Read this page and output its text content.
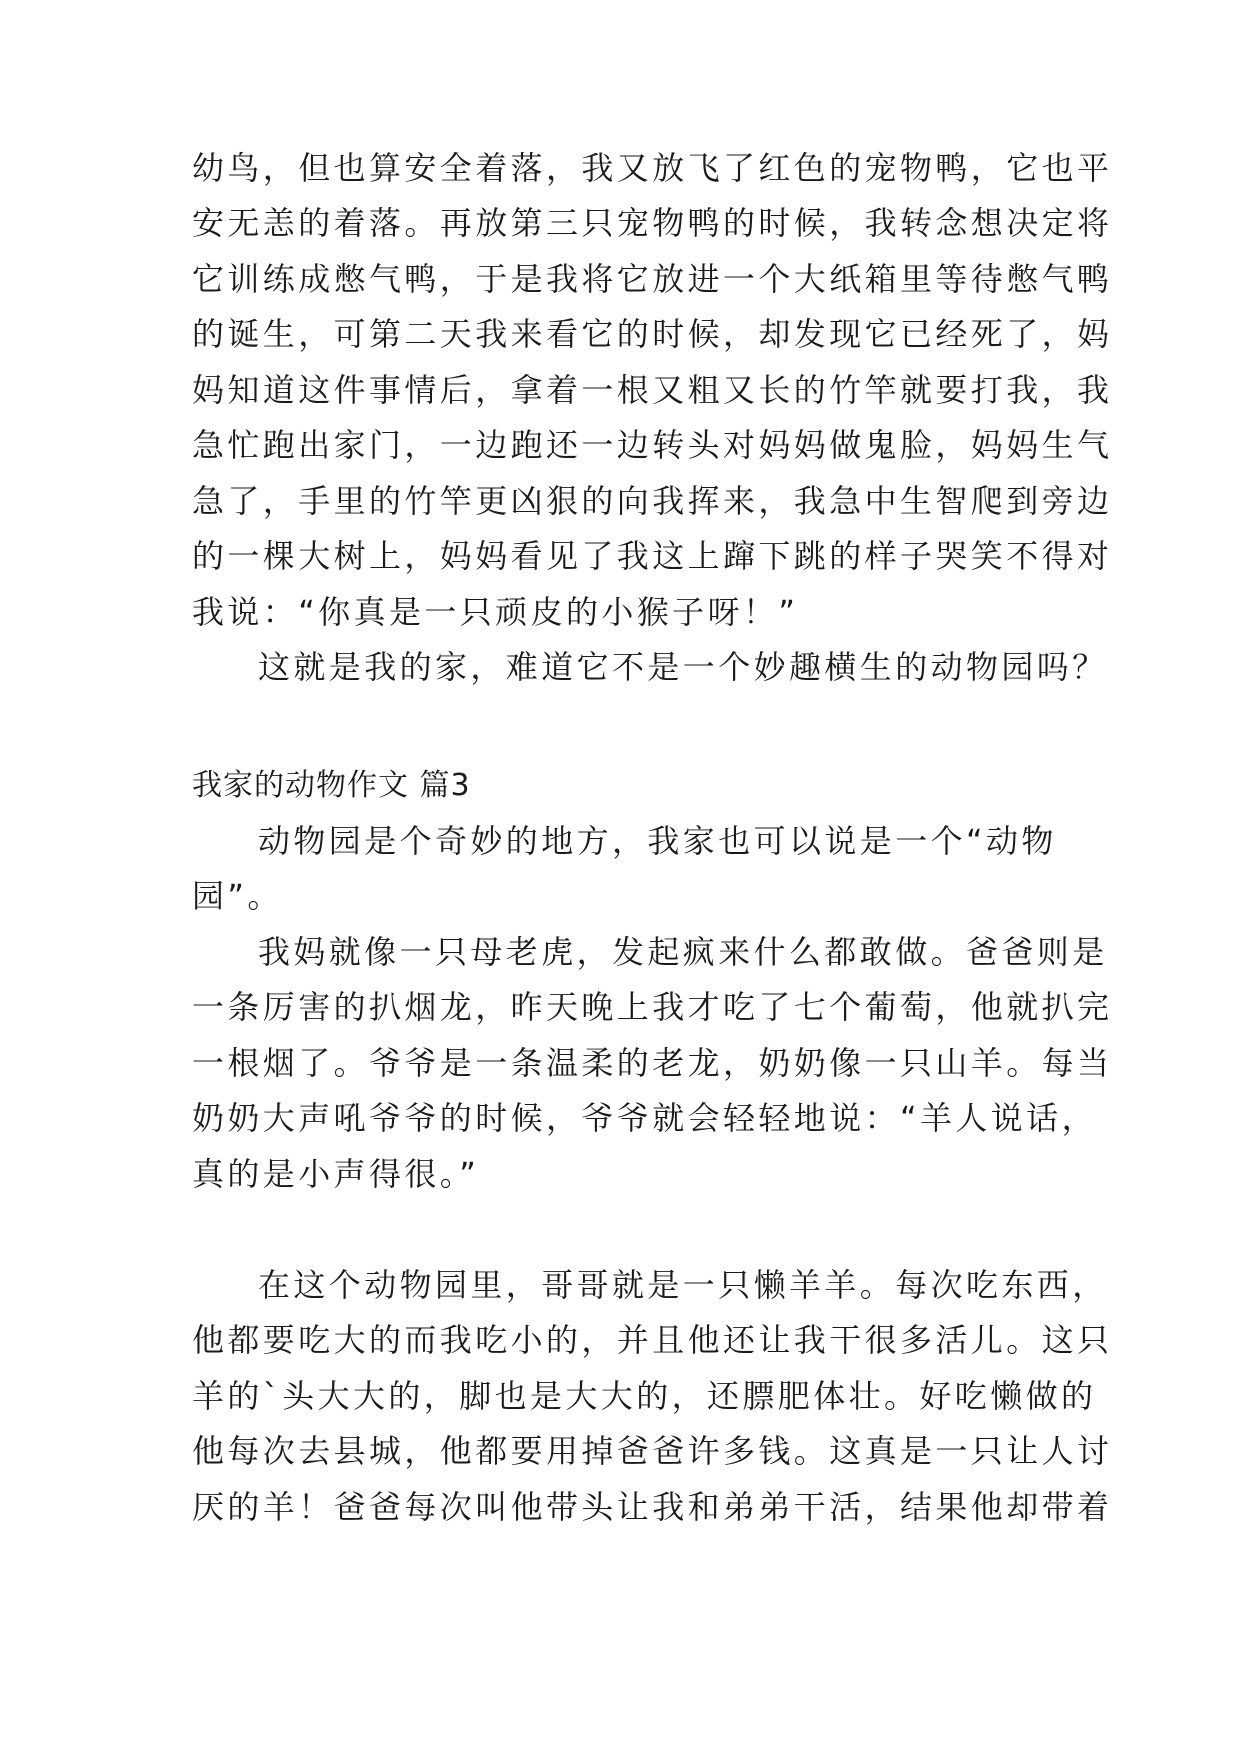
幼鸟，但也算安全着落，我又放飞了红色的宠物鸭，它也平
安无恙的着落。再放第三只宠物鸭的时候，我转念想决定将
它训练成憋气鸭，于是我将它放进一个大纸箱里等待憋气鸭
的诞生，可第二天我来看它的时候，却发现它已经死了，妈
妈知道这件事情后，拿着一根又粗又长的竹竿就要打我，我
急忙跑出家门，一边跑还一边转头对妈妈做鬼脸，妈妈生气
急了，手里的竹竿更凶狠的向我挥来，我急中生智爬到旁边
的一棵大树上，妈妈看见了我这上蹿下跳的样子哭笑不得对
我说：“你真是一只顽皮的小猴子呀！”
这就是我的家，难道它不是一个妙趣横生的动物园吗？
我家的动物作文 篇3
动物园是个奇妙的地方，我家也可以说是一个“动物
园”。
我妈就像一只母老虎，发起疯来什么都敢做。爸爸则是
一条厉害的扒烟龙，昨天晚上我才吃了七个葡萄，他就扒完
一根烟了。爷爷是一条温柔的老龙，奶奶像一只山羊。每当
奶奶大声吼爷爷的时候，爷爷就会轻轻地说：“羊人说话，
真的是小声得很。”
在这个动物园里，哥哥就是一只懒羊羊。每次吃东西，
他都要吃大的而我吃小的，并且他还让我干很多活儿。这只
羊的`头大大的，脚也是大大的，还膘肥体壮。好吃懒做的
他每次去县城，他都要用掉爸爸许多钱。这真是一只让人讨
厌的羊！爸爸每次叫他带头让我和弟弟干活，结果他却带着
